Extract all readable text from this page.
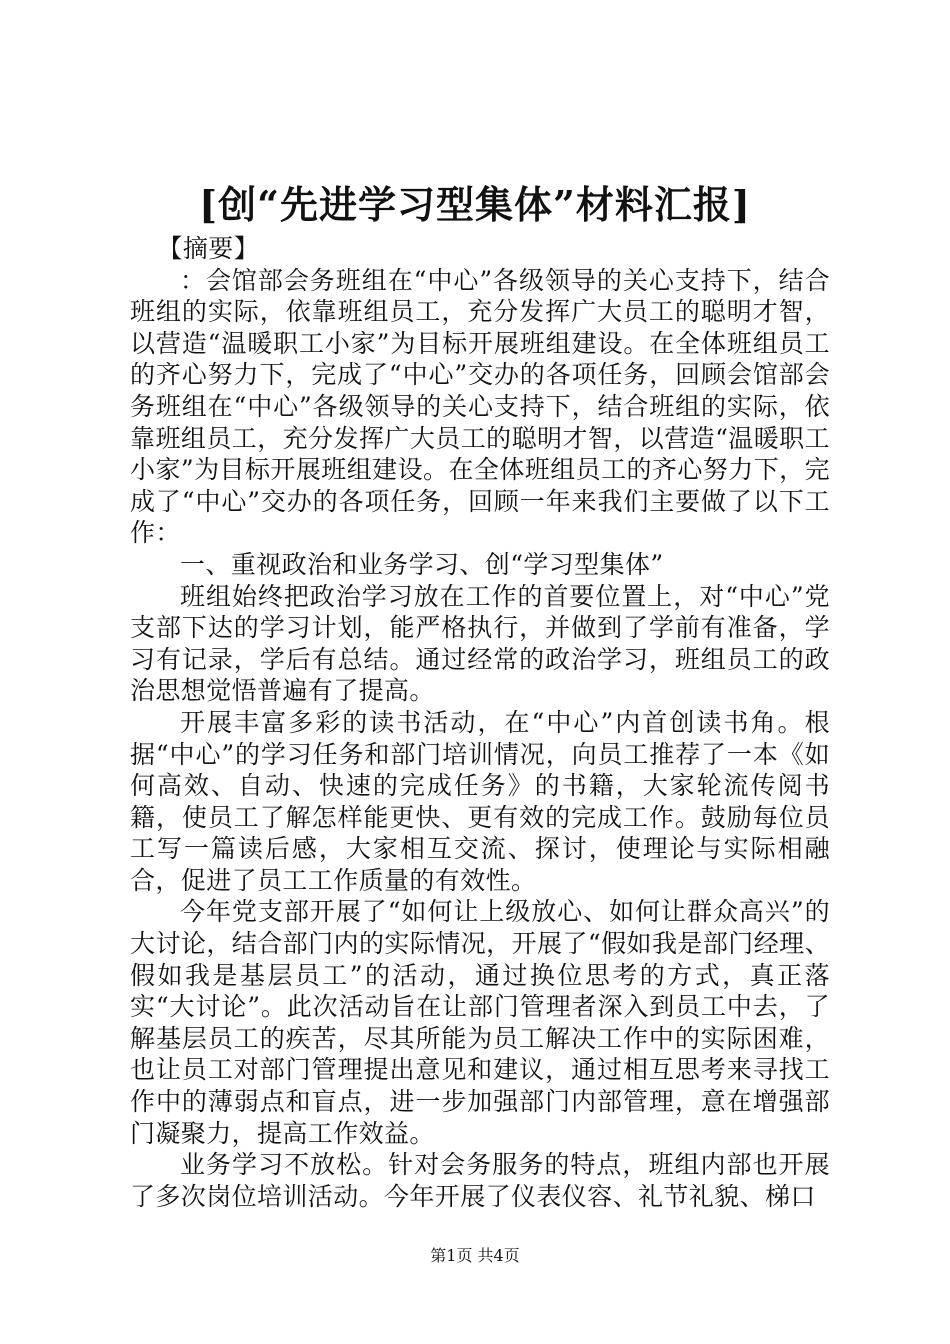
[创“先进学习型集体”材料汇报]

【摘要】

：会馆部会务班组在“中心”各级领导的关心支持下，结合班组的实际，依靠班组员工，充分发挥广大员工的聪明才智，以营造“温暖职工小家”为目标开展班组建设。在全体班组员工的齐心努力下，完成了“中心”交办的各项任务，回顾会馆部会务班组在“中心”各级领导的关心支持下，结合班组的实际，依靠班组员工，充分发挥广大员工的聪明才智，以营造“温暖职工小家”为目标开展班组建设。在全体班组员工的齐心努力下，完成了“中心”交办的各项任务，回顾一年来我们主要做了以下工作：

一、重视政治和业务学习、创“学习型集体”

班组始终把政治学习放在工作的首要位置上，对“中心”党支部下达的学习计划，能严格执行，并做到了学前有准备，学习有记录，学后有总结。通过经常的政治学习，班组员工的政治思想觉悟普遍有了提高。

开展丰富多彩的读书活动，在“中心”内首创读书角。根据“中心”的学习任务和部门培训情况，向员工推荐了一本《如何高效、自动、快速的完成任务》的书籍，大家轮流传阅书籍，使员工了解怎样能更快、更有效的完成工作。鼓励每位员工写一篇读后感，大家相互交流、探讨，使理论与实际相融合，促进了员工工作质量的有效性。

今年党支部开展了“如何让上级放心、如何让群众高兴”的大讨论，结合部门内的实际情况，开展了“假如我是部门经理、假如我是基层员工”的活动，通过换位思考的方式，真正落实“大讨论”。此次活动旨在让部门管理者深入到员工中去，了解基层员工的疾苦，尽其所能为员工解决工作中的实际困难，也让员工对部门管理提出意见和建议，通过相互思考来寻找工作中的薄弱点和盲点，进一步加强部门内部管理，意在增强部门凝聚力，提高工作效益。

业务学习不放松。针对会务服务的特点，班组内部也开展了多次岗位培训活动。今年开展了仪表仪容、礼节礼貌、梯口

第1页 共4页
